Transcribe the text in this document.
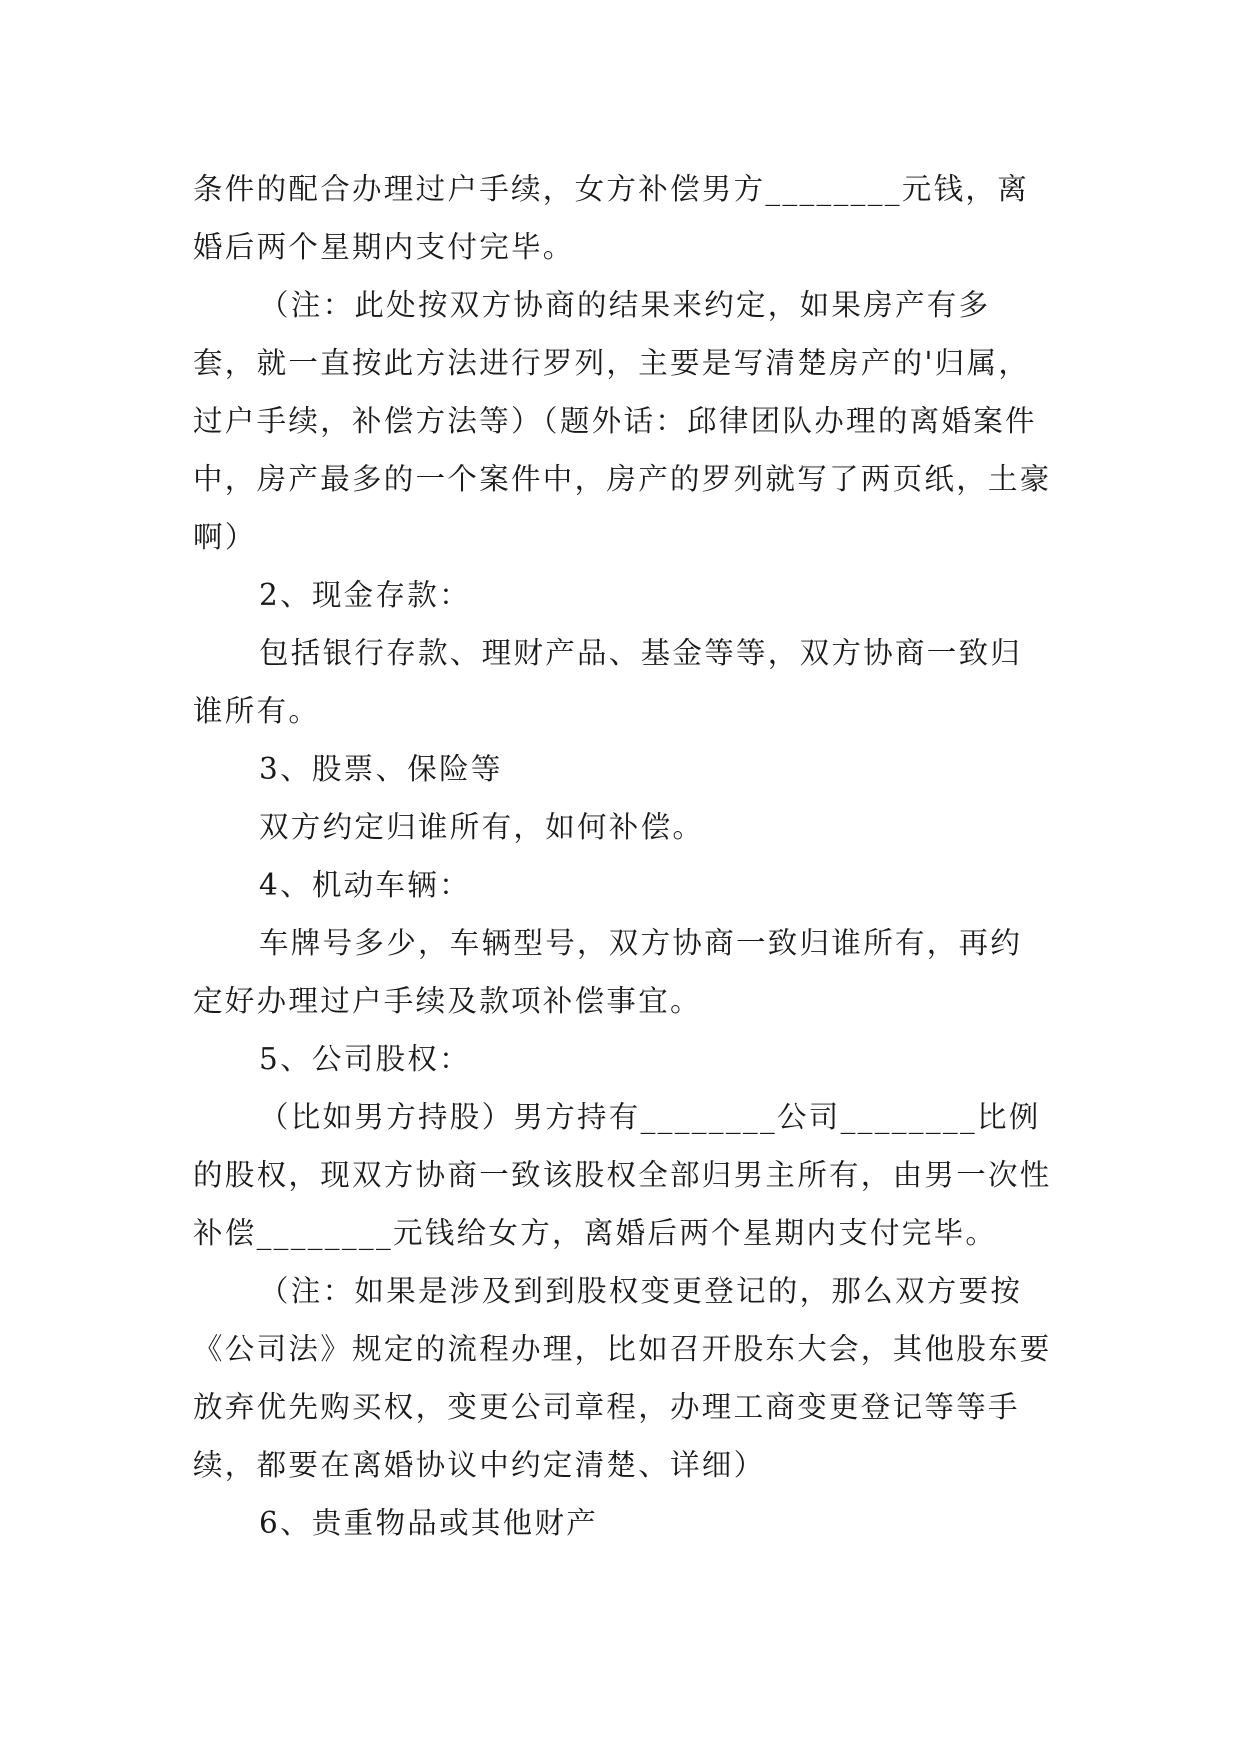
条件的配合办理过户手续，女方补偿男方________元钱，离婚后两个星期内支付完毕。

（注：此处按双方协商的结果来约定，如果房产有多套，就一直按此方法进行罗列，主要是写清楚房产的'归属，过户手续，补偿方法等）（题外话：邱律团队办理的离婚案件中，房产最多的一个案件中，房产的罗列就写了两页纸，土豪啊）

2、现金存款：

包括银行存款、理财产品、基金等等，双方协商一致归谁所有。

3、股票、保险等

双方约定归谁所有，如何补偿。

4、机动车辆：

车牌号多少，车辆型号，双方协商一致归谁所有，再约定好办理过户手续及款项补偿事宜。

5、公司股权：

（比如男方持股）男方持有________公司________比例的股权，现双方协商一致该股权全部归男主所有，由男一次性补偿________元钱给女方，离婚后两个星期内支付完毕。

（注：如果是涉及到到股权变更登记的，那么双方要按《公司法》规定的流程办理，比如召开股东大会，其他股东要放弃优先购买权，变更公司章程，办理工商变更登记等等手续，都要在离婚协议中约定清楚、详细）

6、贵重物品或其他财产
